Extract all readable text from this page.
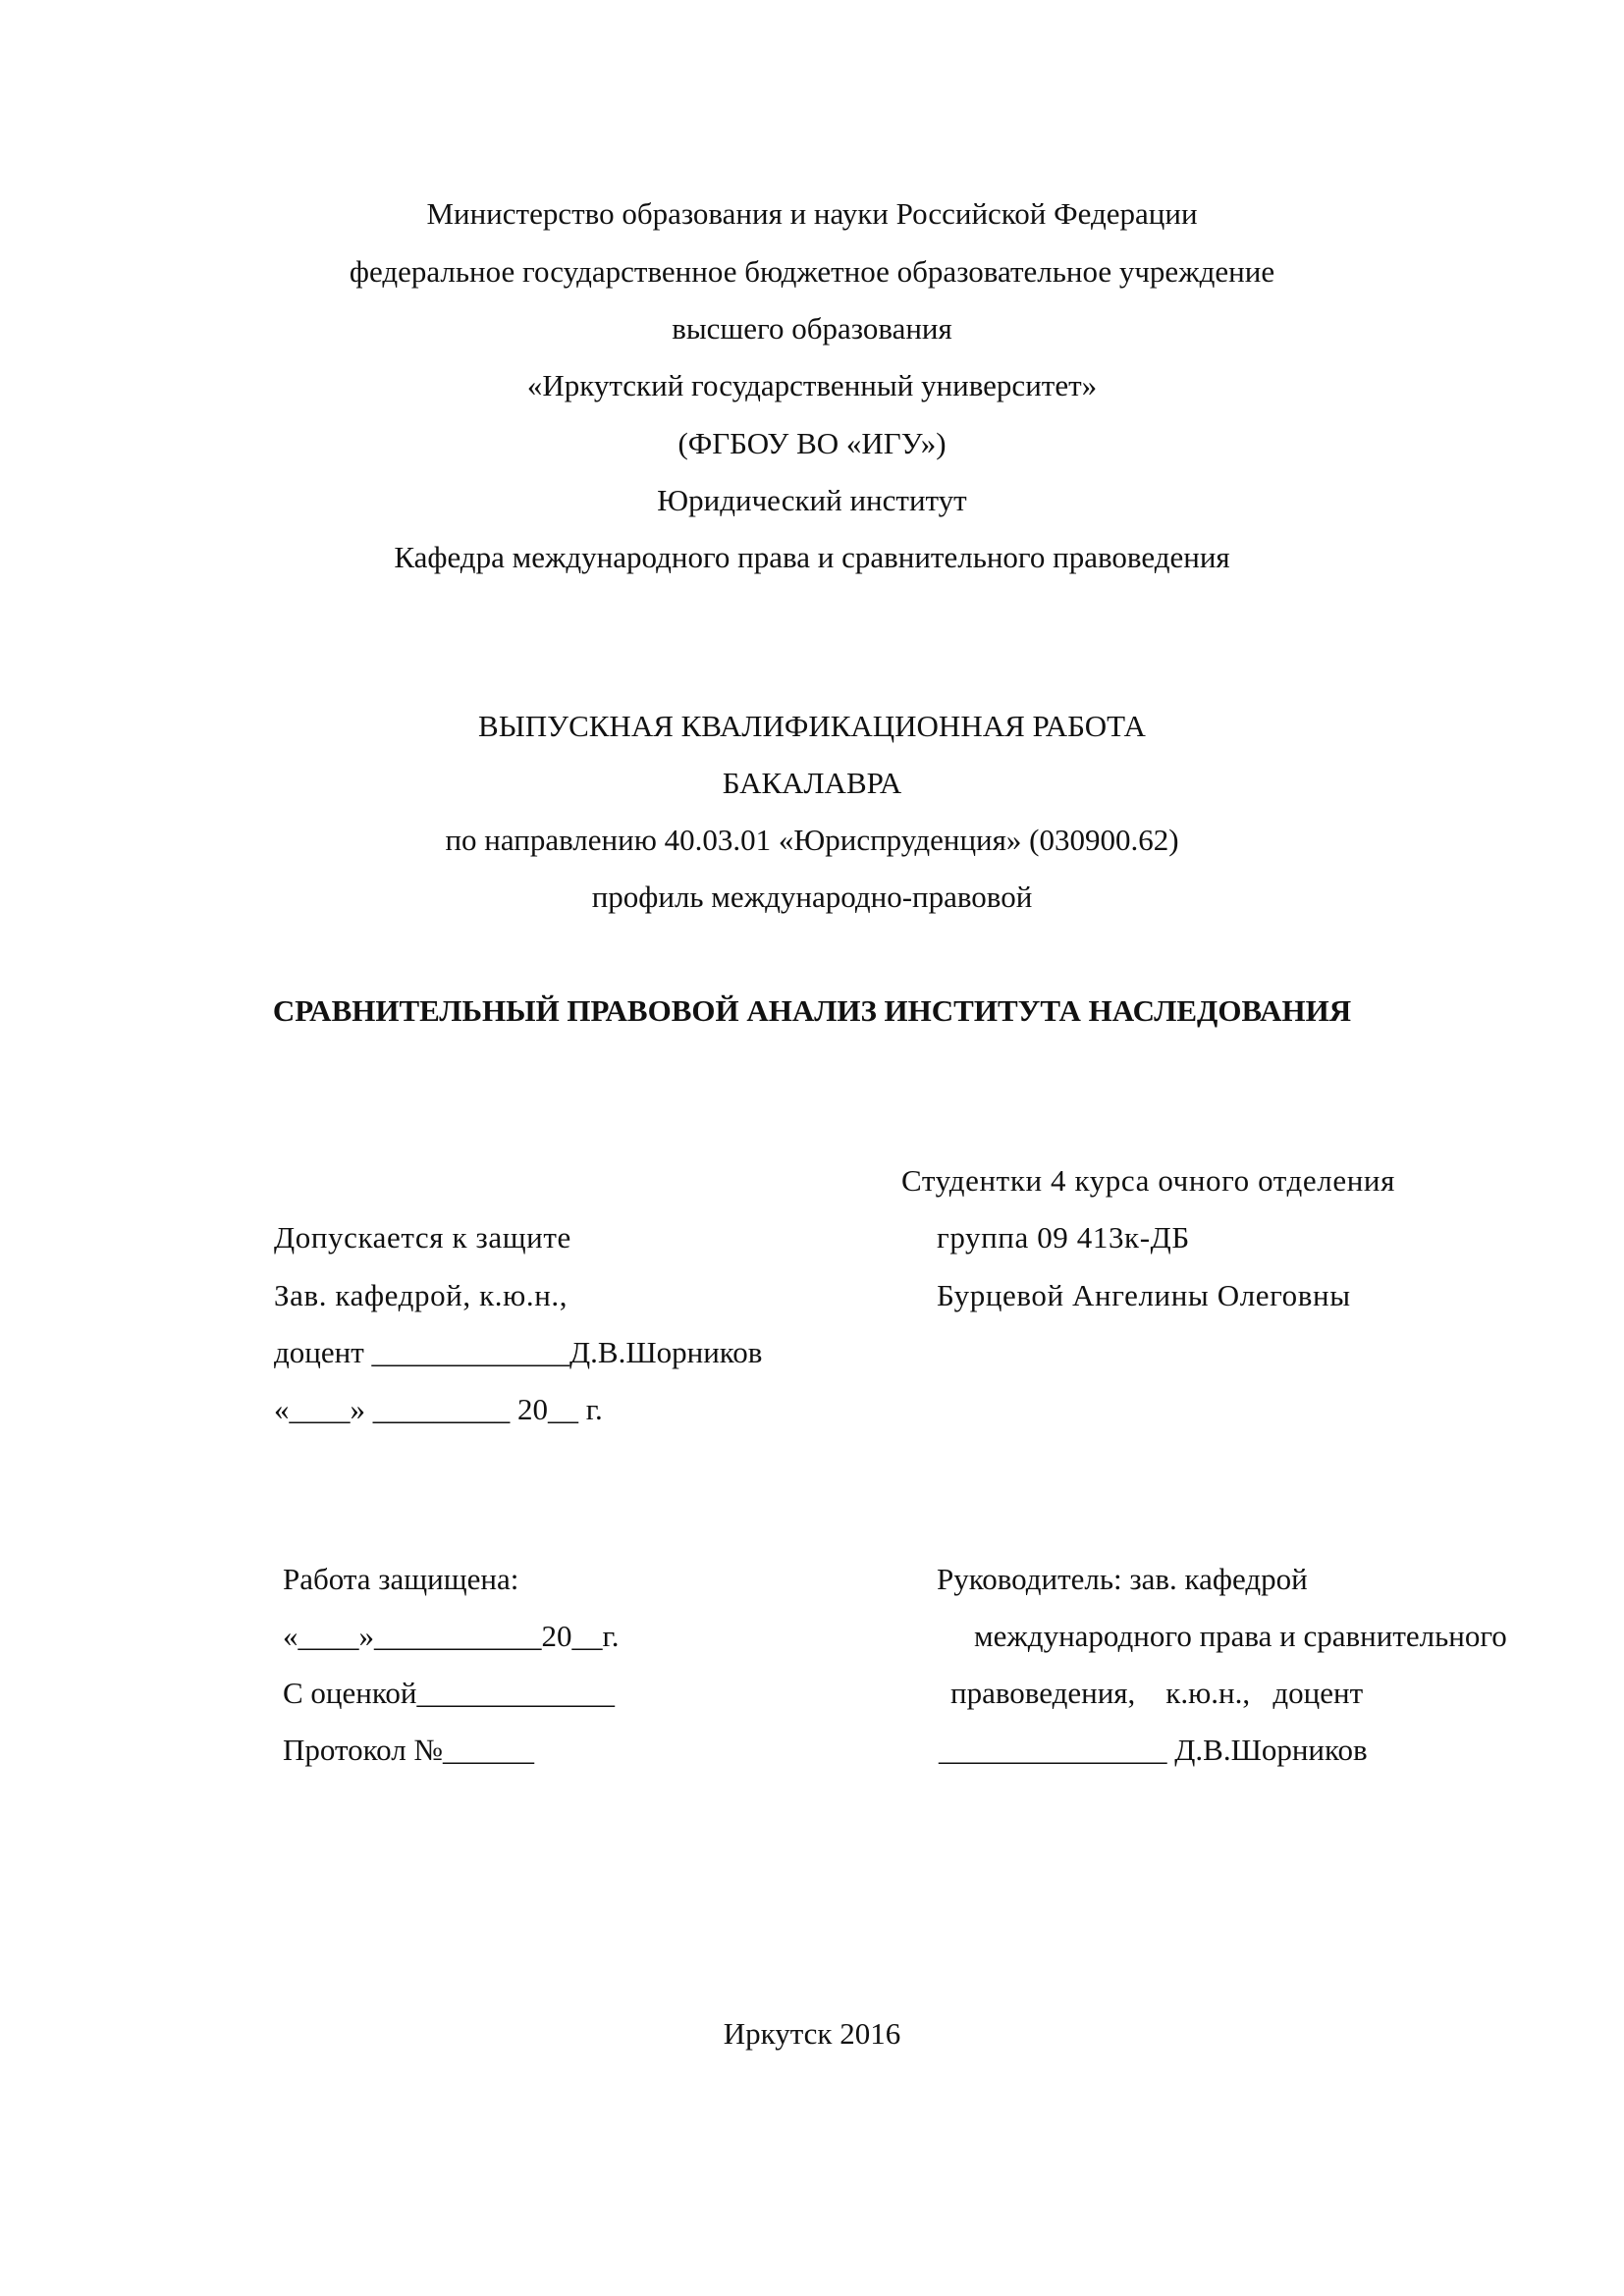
Министерство образования и науки Российской Федерации
федеральное государственное бюджетное образовательное учреждение
высшего образования
«Иркутский государственный университет»
(ФГБОУ ВО «ИГУ»)
Юридический институт
Кафедра международного права и сравнительного правоведения
ВЫПУСКНАЯ КВАЛИФИКАЦИОННАЯ РАБОТА
БАКАЛАВРА
по направлению 40.03.01 «Юриспруденция» (030900.62)
профиль международно-правовой
СРАВНИТЕЛЬНЫЙ ПРАВОВОЙ АНАЛИЗ ИНСТИТУТА НАСЛЕДОВАНИЯ
Студентки 4 курса очного отделения
группа 09 413к-ДБ
Бурцевой Ангелины Олеговны
Допускается к защите
Зав. кафедрой, к.ю.н.,
доцент _____________Д.В.Шорников
«____» _________ 20__ г.
Работа защищена:
«____»___________20__г.
С оценкой_____________
Протокол №______
Руководитель: зав. кафедрой
международного права и сравнительного
правоведения,    к.ю.н.,   доцент
_______________ Д.В.Шорников
Иркутск 2016
